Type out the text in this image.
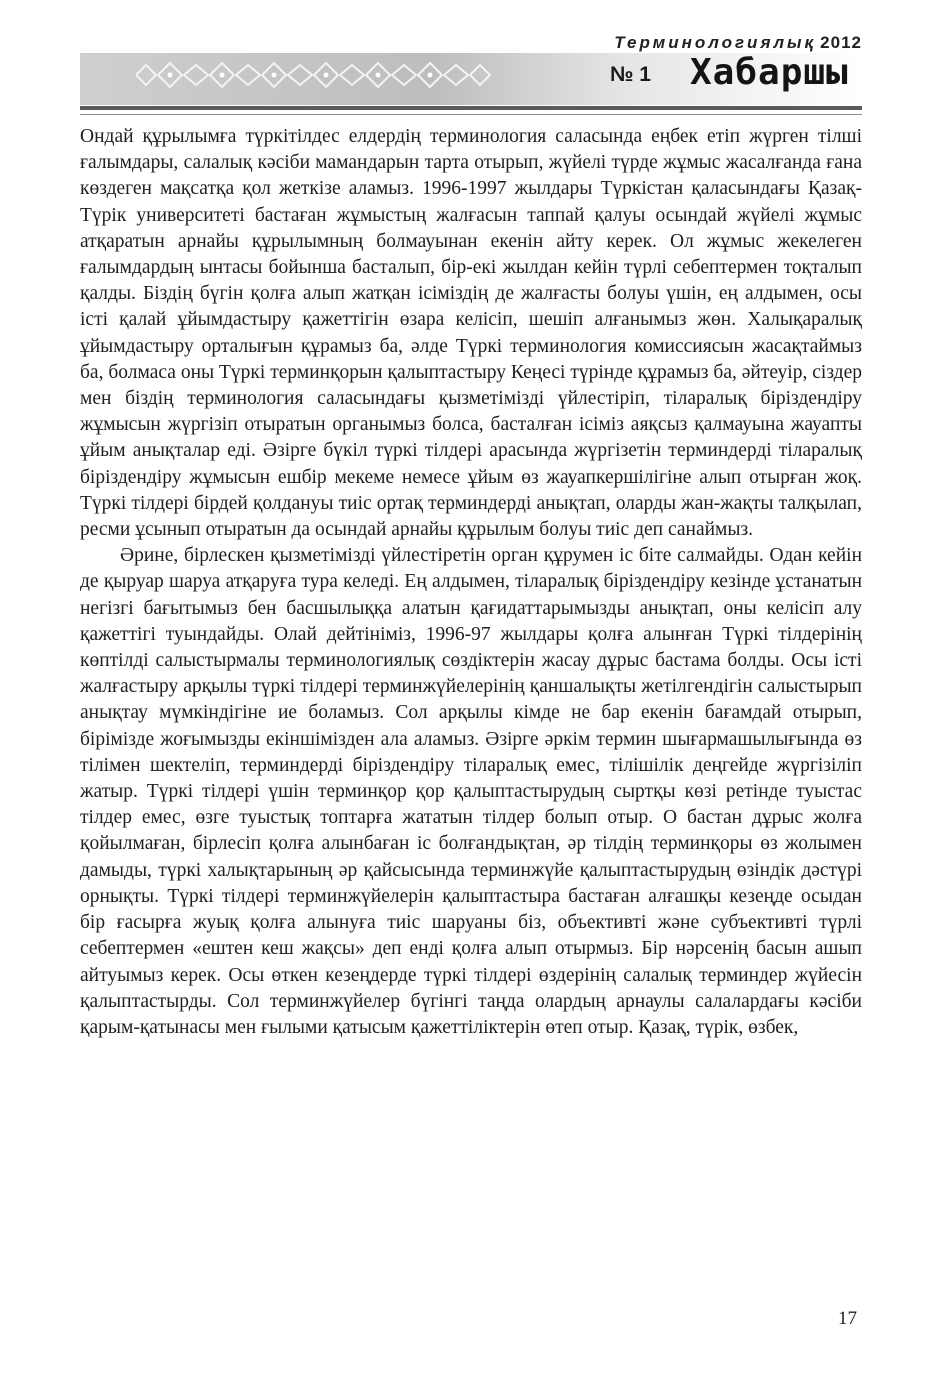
Терминологиялық 2012
№ 1 Хабаршы

Ондай құрылымға түркітілдес елдердің терминология саласында еңбек етіп жүрген тілші ғалымдары, салалық кәсіби мамандарын тарта отырып, жүйелі түрде жұмыс жасалғанда ғана көздеген мақсатқа қол жеткізе аламыз. 1996-1997 жылдары Түркістан қаласындағы Қазақ-Түрік университеті бастаған жұмыстың жалғасын таппай қалуы осындай жүйелі жұмыс атқаратын арнайы құрылымның болмауынан екенін айту керек. Ол жұмыс жекелеген ғалымдардың ынтасы бойынша басталып, бір-екі жылдан кейін түрлі себептермен тоқталып қалды. Біздің бүгін қолға алып жатқан ісіміздің де жалғасты болуы үшін, ең алдымен, осы істі қалай ұйымдастыру қажеттігін өзара келісіп, шешіп алғанымыз жөн. Халықаралық ұйымдастыру орталығын құрамыз ба, әлде Түркі терминология комиссиясын жасақтаймыз ба, болмаса оны Түркі терминқорын қалыптастыру Кеңесі түрінде құрамыз ба, әйтеуір, сіздер мен біздің терминология саласындағы қызметімізді үйлестіріп, тіларалық біріздендіру жұмысын жүргізіп отыратын органымыз болса, басталған ісіміз аяқсыз қалмауына жауапты ұйым анықталар еді. Әзірге бүкіл түркі тілдері арасында жүргізетін терминдерді тіларалық біріздендіру жұмысын ешбір мекеме немесе ұйым өз жауапкершілігіне алып отырған жоқ. Түркі тілдері бірдей қолдануы тиіс ортақ терминдерді анықтап, оларды жан-жақты талқылап, ресми ұсынып отыратын да осындай арнайы құрылым болуы тиіс деп санаймыз.

Әрине, бірлескен қызметімізді үйлестіретін орган құрумен іс біте салмайды. Одан кейін де қыруар шаруа атқаруға тура келеді. Ең алдымен, тіларалық біріздендіру кезінде ұстанатын негізгі бағытымыз бен басшылыққа алатын қағидаттарымызды анықтап, оны келісіп алу қажеттігі туындайды. Олай дейтініміз, 1996-97 жылдары қолға алынған Түркі тілдерінің көптілді салыстырмалы терминологиялық сөздіктерін жасау дұрыс бастама болды. Осы істі жалғастыру арқылы түркі тілдері терминжүйелерінің қаншалықты жетілгендігін салыстырып анықтау мүмкіндігіне ие боламыз. Сол арқылы кімде не бар екенін бағамдай отырып, бірімізде жоғымызды екіншімізден ала аламыз. Әзірге әркім термин шығармашылығында өз тілімен шектеліп, терминдерді біріздендіру тіларалық емес, тілішілік деңгейде жүргізіліп жатыр. Түркі тілдері үшін терминқор қор қалыптастырудың сыртқы көзі ретінде туыстас тілдер емес, өзге туыстық топтарға жататын тілдер болып отыр. О бастан дұрыс жолға қойылмаған, бірлесіп қолға алынбаған іс болғандықтан, әр тілдің терминқоры өз жолымен дамыды, түркі халықтарының әр қайсысында терминжүйе қалыптастырудың өзіндік дәстүрі орнықты. Түркі тілдері терминжүйелерін қалыптастыра бастаған алғашқы кезеңде осыдан бір ғасырға жуық қолға алынуға тиіс шаруаны біз, объективті және субъективті түрлі себептермен «ештен кеш жақсы» деп енді қолға алып отырмыз. Бір нәрсенің басын ашып айтуымыз керек. Осы өткен кезеңдерде түркі тілдері өздерінің салалық терминдер жүйесін қалыптастырды. Сол терминжүйелер бүгінгі таңда олардың арнаулы салалардағы кәсіби қарым-қатынасы мен ғылыми қатысым қажеттіліктерін өтеп отыр. Қазақ, түрік, өзбек,

17
